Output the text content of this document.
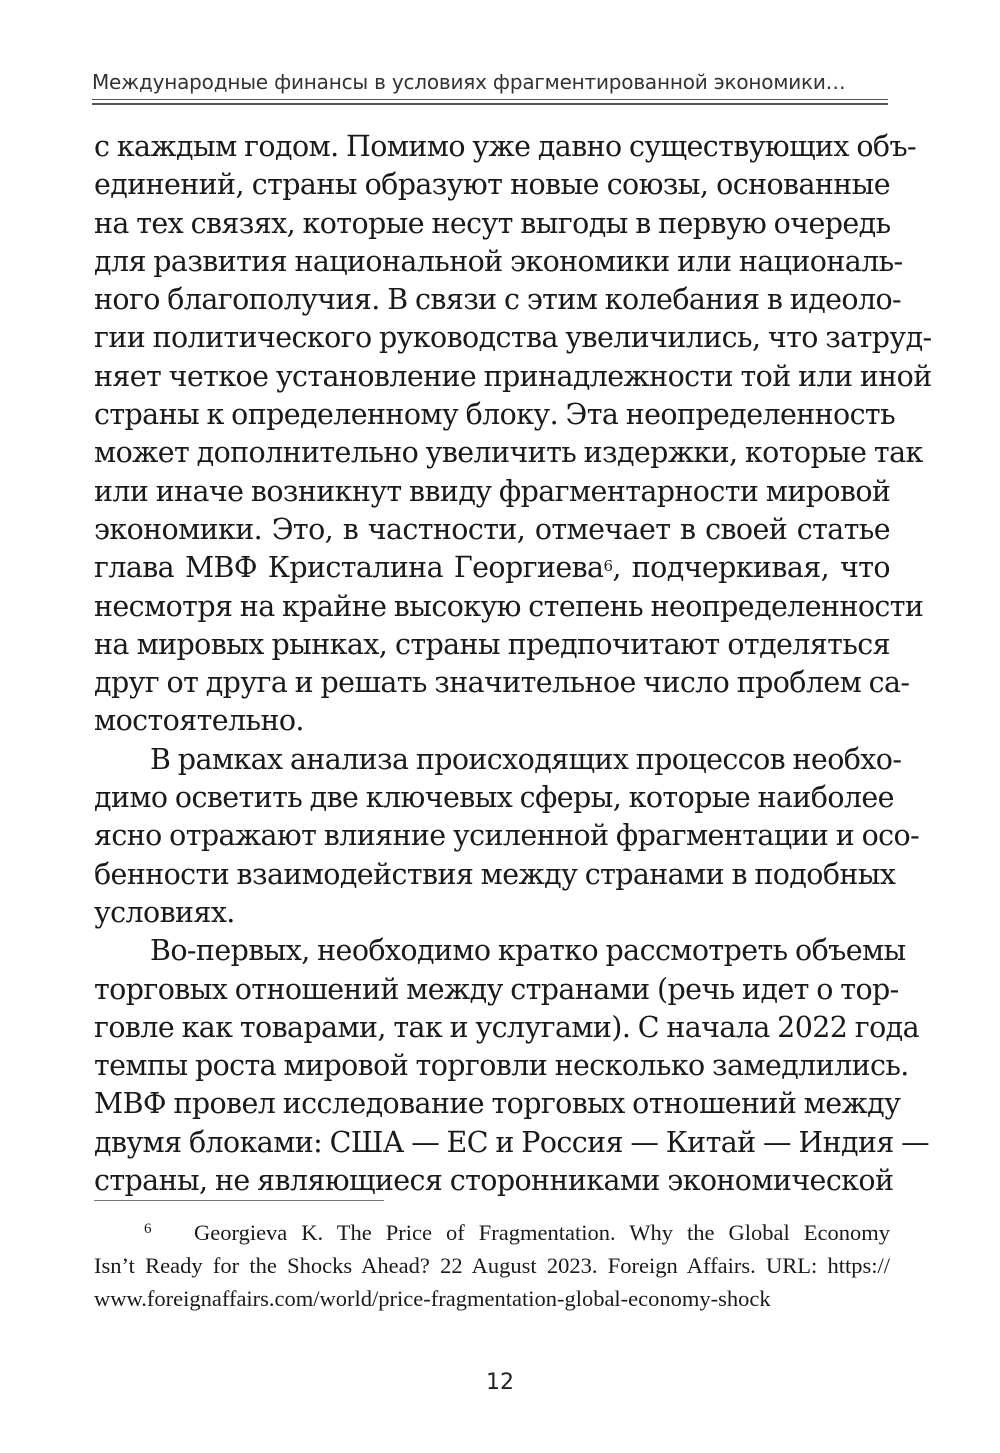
Международные финансы в условиях фрагментированной экономики…
с каждым годом. Помимо уже давно существующих объ-
единений, страны образуют новые союзы, основанные
на тех связях, которые несут выгоды в первую очередь
для развития национальной экономики или националь-
ного благополучия. В связи с этим колебания в идеоло-
гии политического руководства увеличились, что затруд-
няет четкое установление принадлежности той или иной
страны к определенному блоку. Эта неопределенность
может дополнительно увеличить издержки, которые так
или иначе возникнут ввиду фрагментарности мировой
экономики. Это, в частности, отмечает в своей статье
глава МВФ Кристалина Георгиева$^6$, подчеркивая, что
несмотря на крайне высокую степень неопределенности
на мировых рынках, страны предпочитают отделяться
друг от друга и решать значительное число проблем са-
мостоятельно.
В рамках анализа происходящих процессов необхо-
димо осветить две ключевых сферы, которые наиболее
ясно отражают влияние усиленной фрагментации и осо-
бенности взаимодействия между странами в подобных
условиях.
Во-первых, необходимо кратко рассмотреть объемы
торговых отношений между странами (речь идет о тор-
говле как товарами, так и услугами). С начала 2022 года
темпы роста мировой торговли несколько замедлились.
МВФ провел исследование торговых отношений между
двумя блоками: США — ЕС и Россия — Китай — Индия —
страны, не являющиеся сторонниками экономической
6 Georgieva K. The Price of Fragmentation. Why the Global Economy
Isn’t Ready for the Shocks Ahead? 22 August 2023. Foreign Affairs. URL: https://
www.foreignaffairs.com/world/price-fragmentation-global-economy-shock
12
